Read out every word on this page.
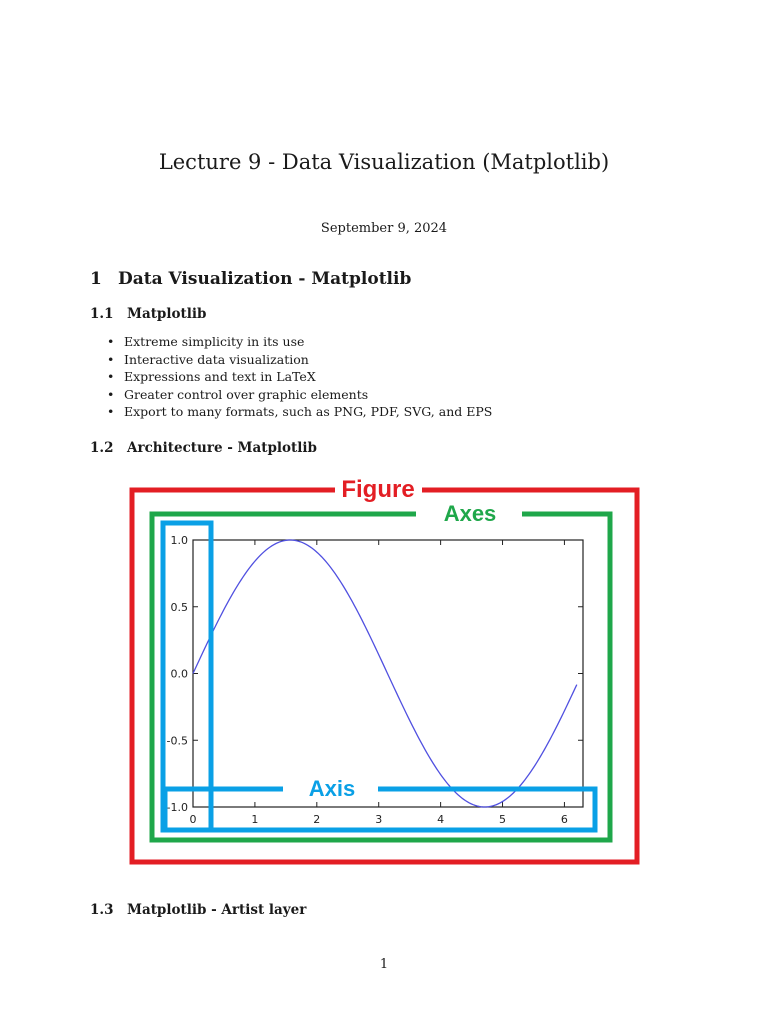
Lecture 9 - Data Visualization (Matplotlib)
September 9, 2024
1 Data Visualization - Matplotlib
1.1 Matplotlib
• Extreme simplicity in its use
• Interactive data visualization
• Expressions and text in LaTeX
• Greater control over graphic elements
• Export to many formats, such as PNG, PDF, SVG, and EPS
1.2 Architecture - Matplotlib
Figure
Axes
0	1	2	3	4	5	6
1.0
0.5
0.0
-0.5
-1.0
Axis
1.3 Matplotlib - Artist layer
1
